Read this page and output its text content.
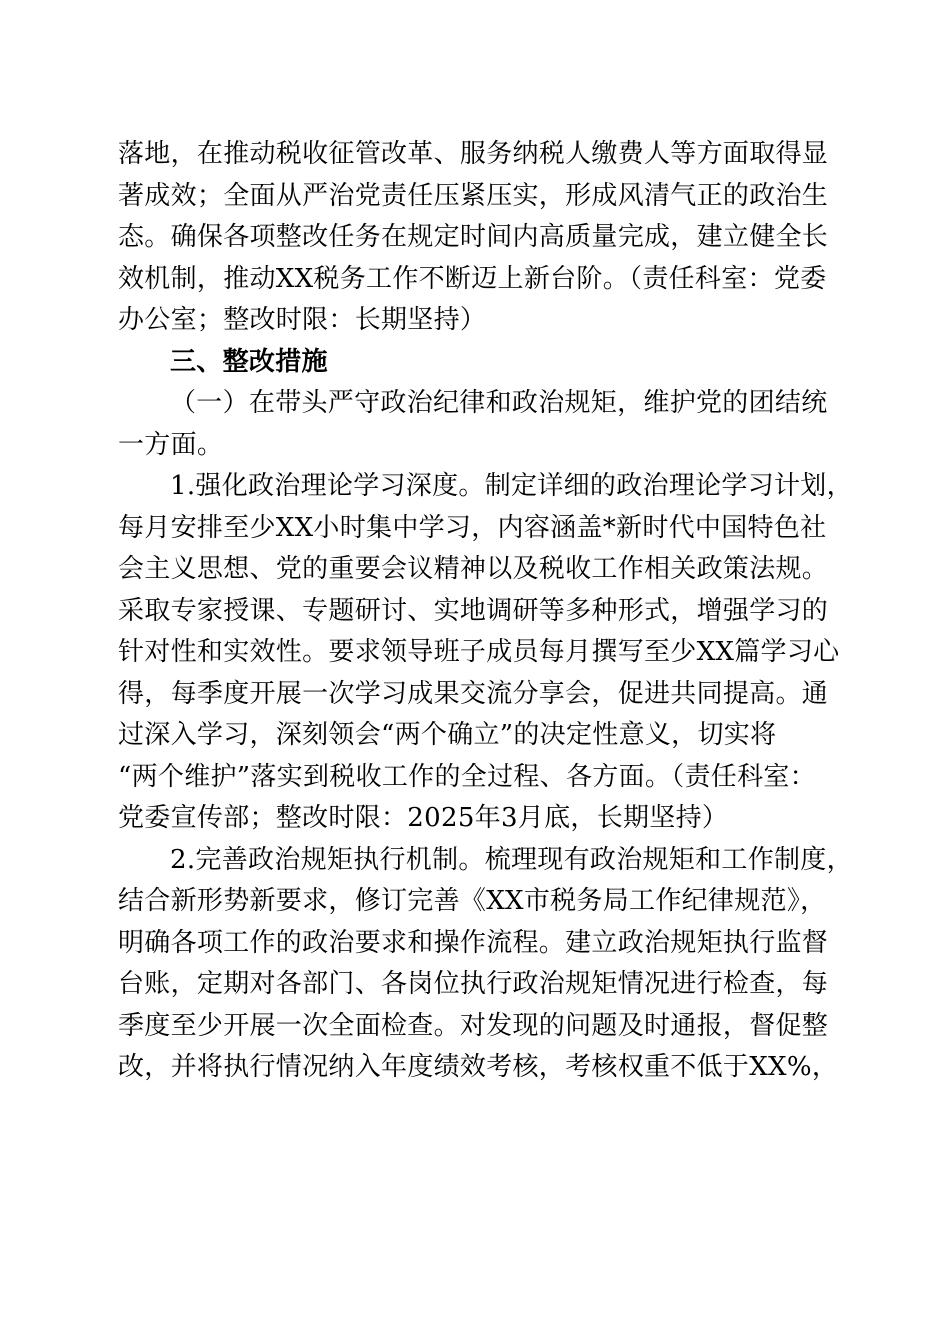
落地，在推动税收征管改革、服务纳税人缴费人等方面取得显
著成效；全面从严治党责任压紧压实，形成风清气正的政治生
态。确保各项整改任务在规定时间内高质量完成，建立健全长
效机制，推动XX税务工作不断迈上新台阶。（责任科室：党委
办公室；整改时限：长期坚持）
三、整改措施
（一）在带头严守政治纪律和政治规矩，维护党的团结统
一方面。
1.强化政治理论学习深度。制定详细的政治理论学习计划，
每月安排至少XX小时集中学习，内容涵盖*新时代中国特色社
会主义思想、党的重要会议精神以及税收工作相关政策法规。
采取专家授课、专题研讨、实地调研等多种形式，增强学习的
针对性和实效性。要求领导班子成员每月撰写至少XX篇学习心
得，每季度开展一次学习成果交流分享会，促进共同提高。通
过深入学习，深刻领会“两个确立”的决定性意义，切实将
“两个维护”落实到税收工作的全过程、各方面。（责任科室：
党委宣传部；整改时限：2025年3月底，长期坚持）
2.完善政治规矩执行机制。梳理现有政治规矩和工作制度，
结合新形势新要求，修订完善《XX市税务局工作纪律规范》，
明确各项工作的政治要求和操作流程。建立政治规矩执行监督
台账，定期对各部门、各岗位执行政治规矩情况进行检查，每
季度至少开展一次全面检查。对发现的问题及时通报，督促整
改，并将执行情况纳入年度绩效考核，考核权重不低于XX%，
